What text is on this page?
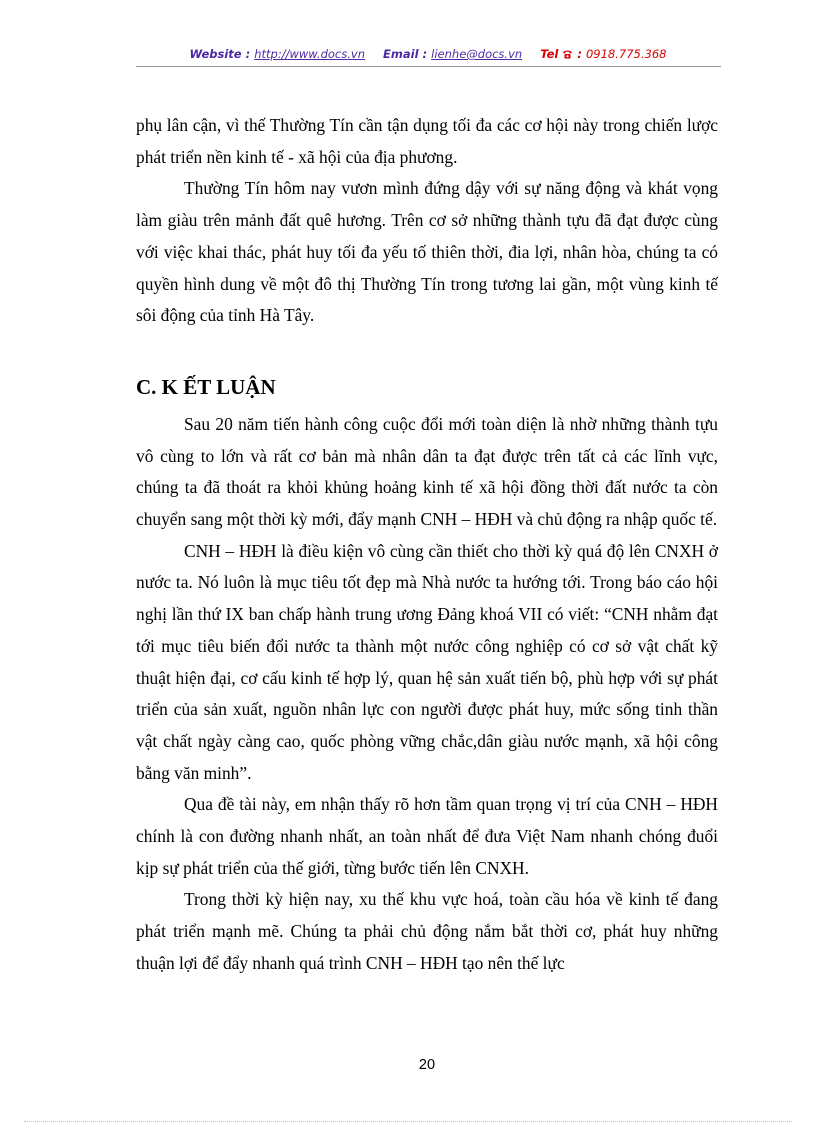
Website : http://www.docs.vn Email : lienhe@docs.vn Tel : 0918.775.368

phụ lân cận, vì thế Thường Tín cần tận dụng tối đa các cơ hội này trong chiến lược phát triển nền kinh tế - xã hội của địa phương.

Thường Tín hôm nay vươn mình đứng dậy với sự năng động và khát vọng làm giàu trên mảnh đất quê hương. Trên cơ sở những thành tựu đã đạt được cùng với việc khai thác, phát huy tối đa yếu tố thiên thời, đia lợi, nhân hòa, chúng ta có quyền hình dung về một đô thị Thường Tín trong tương lai gần, một vùng kinh tế sôi động của tỉnh Hà Tây.

C. K ẾT LUẬN

Sau 20 năm tiến hành công cuộc đổi mới toàn diện là nhờ những thành tựu vô cùng to lớn và rất cơ bản mà nhân dân ta đạt được trên tất cả các lĩnh vực, chúng ta đã thoát ra khỏi khủng hoảng kinh tế xã hội đồng thời đất nước ta còn chuyển sang một thời kỳ mới, đẩy mạnh CNH – HĐH và chủ động ra nhập quốc tế.

CNH – HĐH là điều kiện vô cùng cần thiết cho thời kỳ quá độ lên CNXH ở nước ta. Nó luôn là mục tiêu tốt đẹp mà Nhà nước ta hướng tới. Trong báo cáo hội nghị lần thứ IX ban chấp hành trung ương Đảng khoá VII có viết: “CNH nhằm đạt tới mục tiêu biến đổi nước ta thành một nước công nghiệp có cơ sở vật chất kỹ thuật hiện đại, cơ cấu kinh tế hợp lý, quan hệ sản xuất tiến bộ, phù hợp với sự phát triển của sản xuất, nguồn nhân lực con người được phát huy, mức sống tinh thần vật chất ngày càng cao, quốc phòng vững chắc,dân giàu nước mạnh, xã hội công bằng văn minh”.

Qua đề tài này, em nhận thấy rõ hơn tầm quan trọng vị trí của CNH – HĐH chính là con đường nhanh nhất, an toàn nhất để đưa Việt Nam nhanh chóng đuổi kịp sự phát triển của thế giới, từng bước tiến lên CNXH.

Trong thời kỳ hiện nay, xu thế khu vực hoá, toàn cầu hóa về kinh tế đang phát triển mạnh mẽ. Chúng ta phải chủ động nắm bắt thời cơ, phát huy những thuận lợi để đẩy nhanh quá trình CNH – HĐH tạo nên thế lực

20
